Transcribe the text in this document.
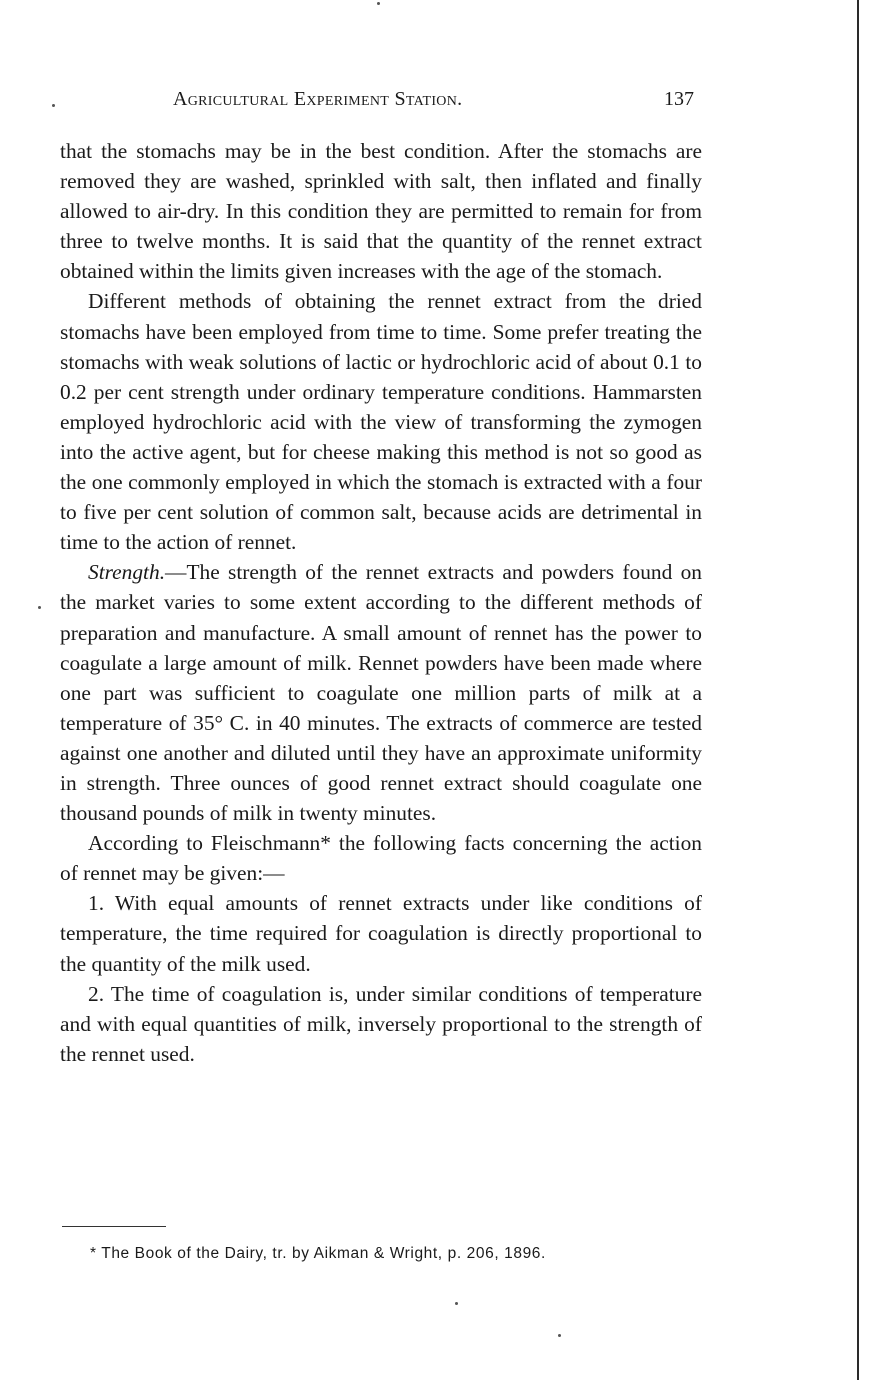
Agricultural Experiment Station.	137

that the stomachs may be in the best condition. After the stomachs are removed they are washed, sprinkled with salt, then inflated and finally allowed to air-dry. In this condition they are permitted to remain for from three to twelve months. It is said that the quantity of the rennet extract obtained within the limits given increases with the age of the stomach.

Different methods of obtaining the rennet extract from the dried stomachs have been employed from time to time. Some prefer treating the stomachs with weak solutions of lactic or hydrochloric acid of about 0.1 to 0.2 per cent strength under ordinary temperature conditions. Hammarsten employed hydrochloric acid with the view of transforming the zymogen into the active agent, but for cheese making this method is not so good as the one commonly employed in which the stomach is extracted with a four to five per cent solution of common salt, because acids are detrimental in time to the action of rennet.

Strength.—The strength of the rennet extracts and powders found on the market varies to some extent according to the different methods of preparation and manufacture. A small amount of rennet has the power to coagulate a large amount of milk. Rennet powders have been made where one part was sufficient to coagulate one million parts of milk at a temperature of 35° C. in 40 minutes. The extracts of commerce are tested against one another and diluted until they have an approximate uniformity in strength. Three ounces of good rennet extract should coagulate one thousand pounds of milk in twenty minutes.

According to Fleischmann* the following facts concerning the action of rennet may be given:—

1. With equal amounts of rennet extracts under like conditions of temperature, the time required for coagulation is directly proportional to the quantity of the milk used.

2. The time of coagulation is, under similar conditions of temperature and with equal quantities of milk, inversely proportional to the strength of the rennet used.

* The Book of the Dairy, tr. by Aikman & Wright, p. 206, 1896.
